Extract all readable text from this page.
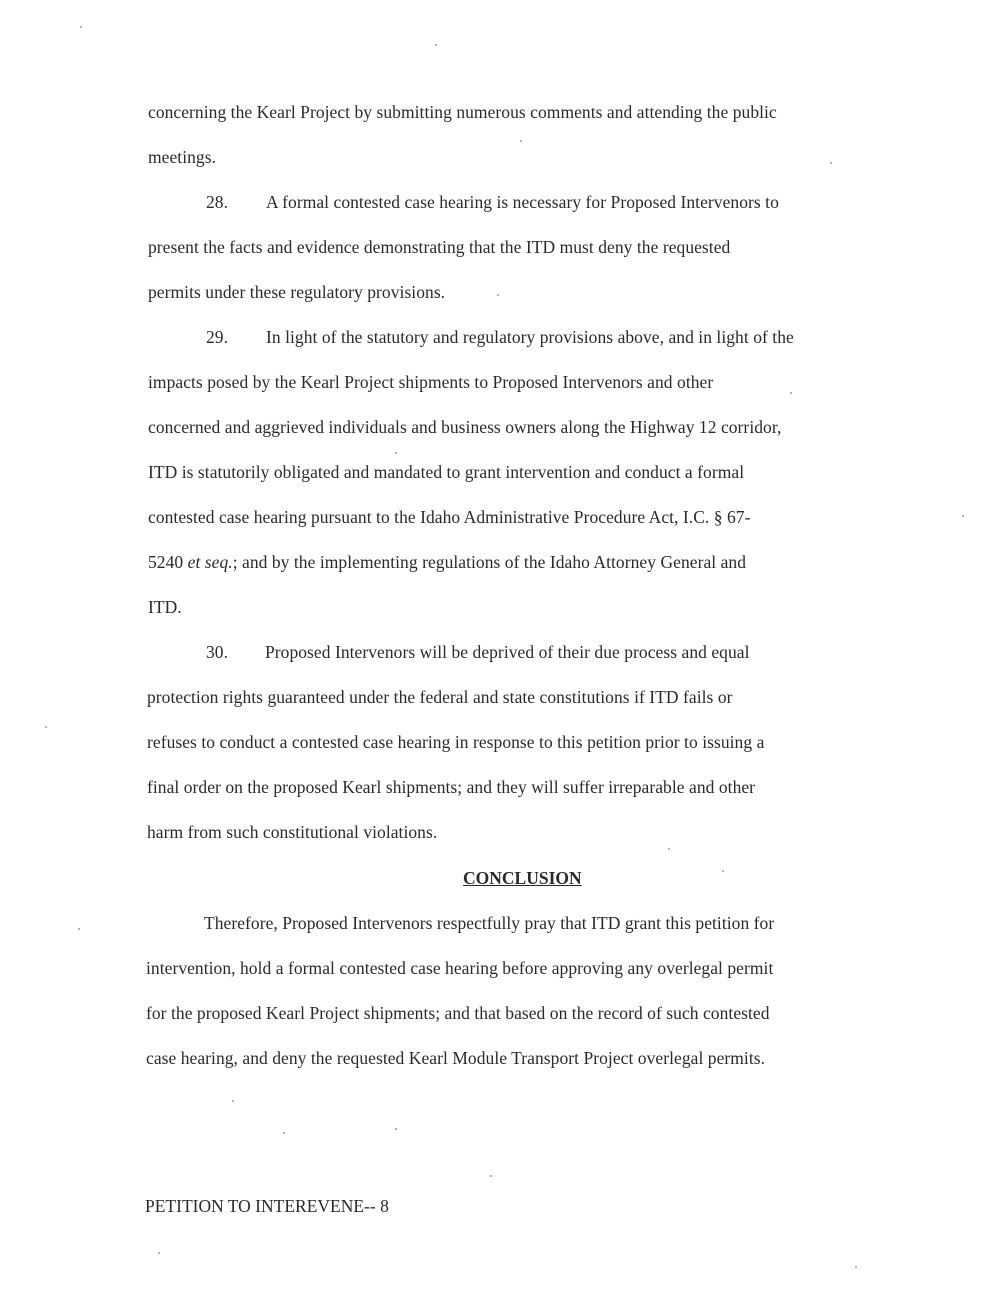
concerning the Kearl Project by submitting numerous comments and attending the public
meetings.
28. A formal contested case hearing is necessary for Proposed Intervenors to
present the facts and evidence demonstrating that the ITD must deny the requested
permits under these regulatory provisions.
29. In light of the statutory and regulatory provisions above, and in light of the
impacts posed by the Kearl Project shipments to Proposed Intervenors and other
concerned and aggrieved individuals and business owners along the Highway 12 corridor,
ITD is statutorily obligated and mandated to grant intervention and conduct a formal
contested case hearing pursuant to the Idaho Administrative Procedure Act, I.C. § 67-
5240 et seq.; and by the implementing regulations of the Idaho Attorney General and
ITD.
30. Proposed Intervenors will be deprived of their due process and equal
protection rights guaranteed under the federal and state constitutions if ITD fails or
refuses to conduct a contested case hearing in response to this petition prior to issuing a
final order on the proposed Kearl shipments; and they will suffer irreparable and other
harm from such constitutional violations.
CONCLUSION
Therefore, Proposed Intervenors respectfully pray that ITD grant this petition for
intervention, hold a formal contested case hearing before approving any overlegal permit
for the proposed Kearl Project shipments; and that based on the record of such contested
case hearing, and deny the requested Kearl Module Transport Project overlegal permits.
PETITION TO INTEREVENE-- 8
